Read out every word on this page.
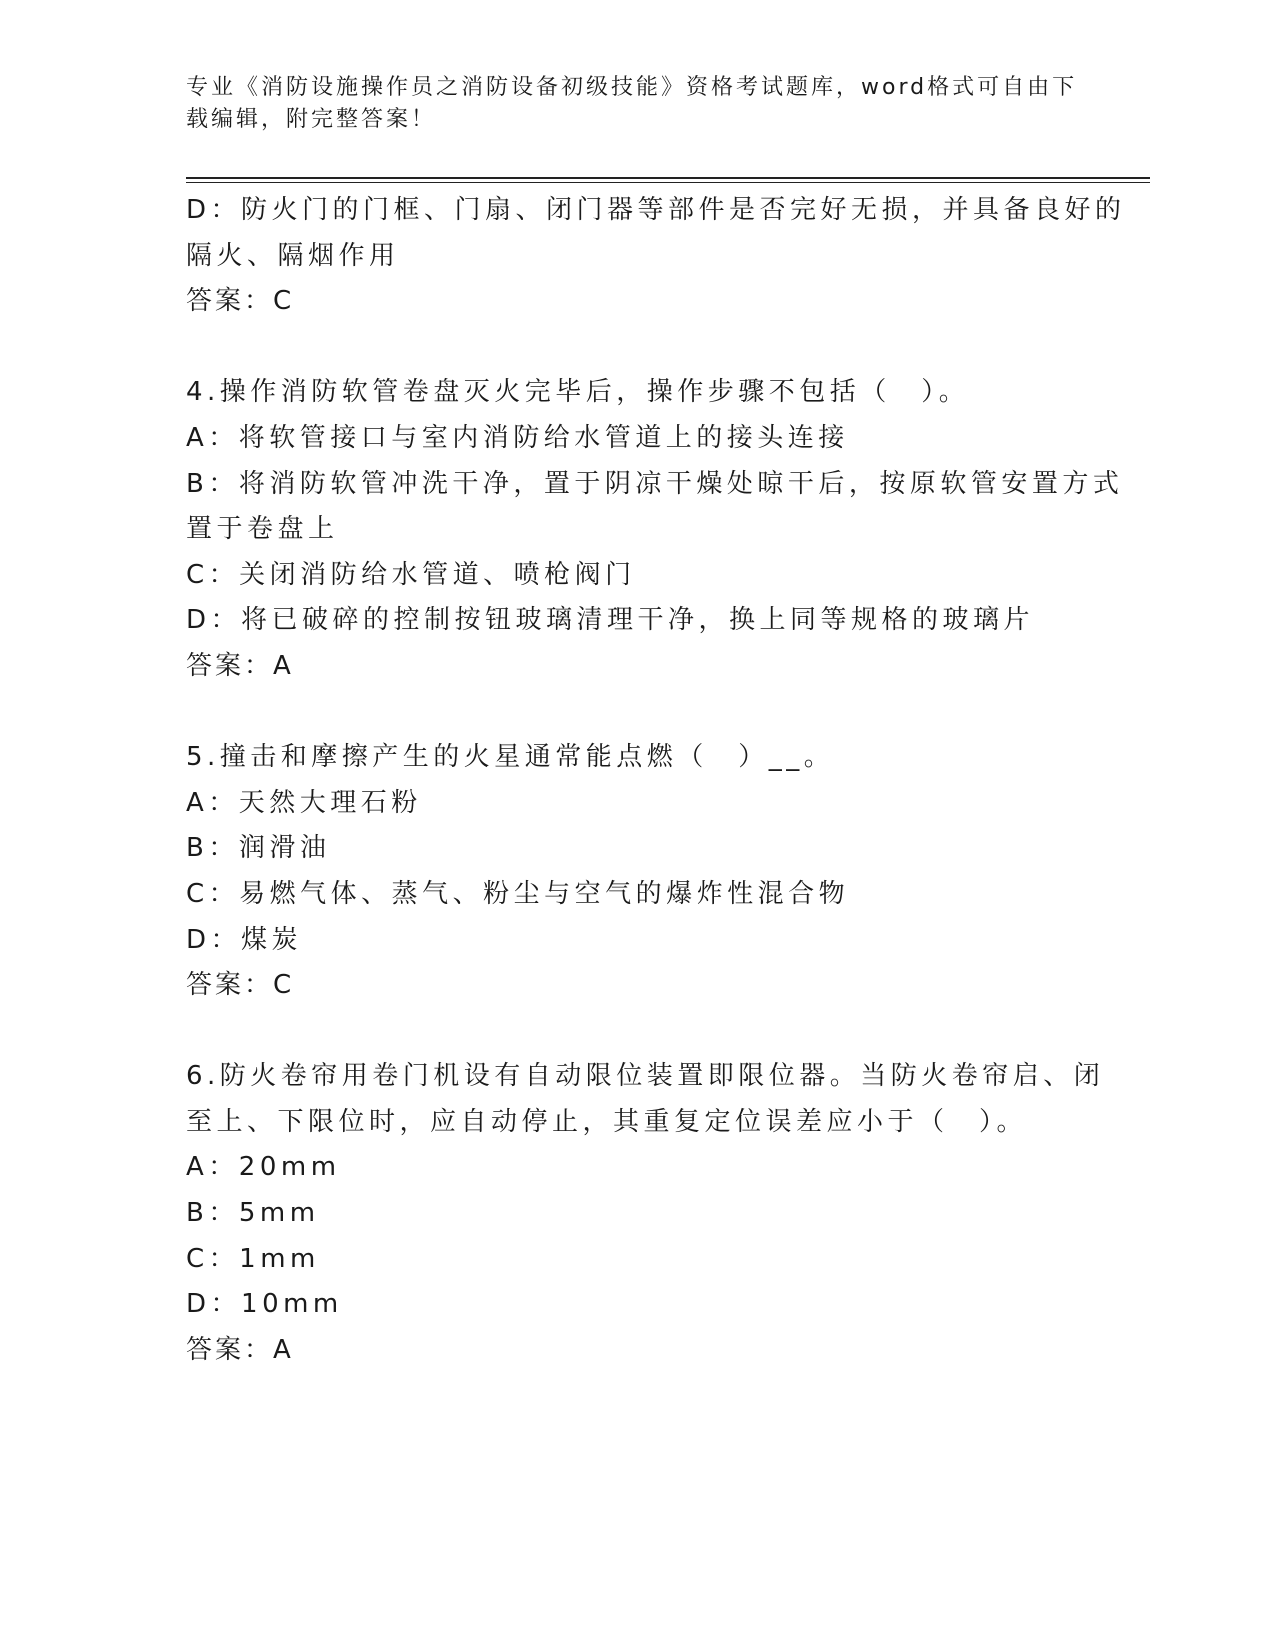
专业《消防设施操作员之消防设备初级技能》资格考试题库，word格式可自由下
载编辑，附完整答案！
D：防火门的门框、门扇、闭门器等部件是否完好无损，并具备良好的
隔火、隔烟作用
答案：C
4.操作消防软管卷盘灭火完毕后，操作步骤不包括（　）。
A：将软管接口与室内消防给水管道上的接头连接
B：将消防软管冲洗干净，置于阴凉干燥处晾干后，按原软管安置方式
置于卷盘上
C：关闭消防给水管道、喷枪阀门
D：将已破碎的控制按钮玻璃清理干净，换上同等规格的玻璃片
答案：A
5.撞击和摩擦产生的火星通常能点燃（　）__。
A：天然大理石粉
B：润滑油
C：易燃气体、蒸气、粉尘与空气的爆炸性混合物
D：煤炭
答案：C
6.防火卷帘用卷门机设有自动限位装置即限位器。当防火卷帘启、闭
至上、下限位时，应自动停止，其重复定位误差应小于（　）。
A：20mm
B：5mm
C：1mm
D：10mm
答案：A
